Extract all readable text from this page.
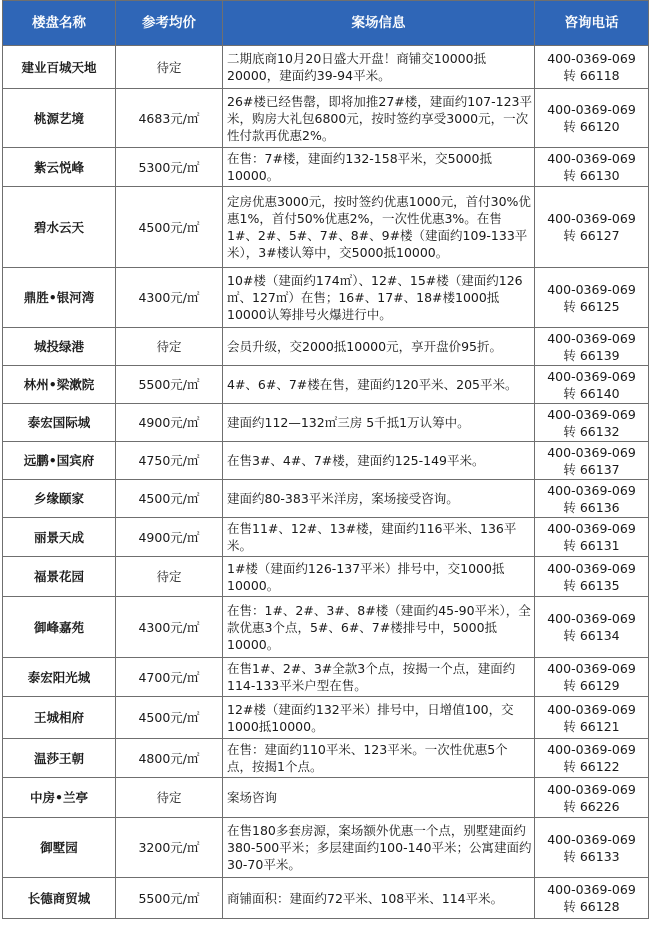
楼盘名称	参考均价	案场信息	咨询电话
建业百城天地	待定	二期底商10月20日盛大开盘！商铺交10000抵20000，建面约39-94平米。	400-0369-069
转 66118

桃源艺境	4683元/㎡	26#楼已经售罄，即将加推27#楼，建面约107-123平米，购房大礼包6800元，按时签约享受3000元，一次性付款再优惠2%。	400-0369-069
转 66120

紫云悦峰	5300元/㎡	在售：7#楼，建面约132-158平米，交5000抵10000。	400-0369-069
转 66130

碧水云天	4500元/㎡	定房优惠3000元，按时签约优惠1000元，首付30%优惠1%，首付50%优惠2%，一次性优惠3%。在售1#、2#、5#、7#、8#、9#楼（建面约109-133平米），3#楼认筹中，交5000抵10000。	400-0369-069
转 66127

鼎胜•银河湾	4300元/㎡	10#楼（建面约174㎡）、12#、15#楼（建面约126㎡、127㎡）在售；16#、17#、18#楼1000抵10000认筹排号火爆进行中。	400-0369-069
转 66125

城投绿港	待定	会员升级，交2000抵10000元，享开盘价95折。	400-0369-069
转 66139

林州•梁漱院	5500元/㎡	4#、6#、7#楼在售，建面约120平米、205平米。	400-0369-069
转 66140

泰宏国际城	4900元/㎡	建面约112—132㎡三房 5千抵1万认筹中。	400-0369-069
转 66132

远鹏•国宾府	4750元/㎡	在售3#、4#、7#楼，建面约125-149平米。	400-0369-069
转 66137

乡缘颐家	4500元/㎡	建面约80-383平米洋房，案场接受咨询。	400-0369-069
转 66136

丽景天成	4900元/㎡	在售11#、12#、13#楼，建面约116平米、136平米。	400-0369-069
转 66131

福景花园	待定	1#楼（建面约126-137平米）排号中，交1000抵10000。	400-0369-069
转 66135

御峰嘉苑	4300元/㎡	在售：1#、2#、3#、8#楼（建面约45-90平米），全款优惠3个点，5#、6#、7#楼排号中，5000抵10000。	400-0369-069
转 66134

泰宏阳光城	4700元/㎡	在售1#、2#、3#全款3个点，按揭一个点，建面约114-133平米户型在售。	400-0369-069
转 66129

王城相府	4500元/㎡	12#楼（建面约132平米）排号中，日增值100，交1000抵10000。	400-0369-069
转 66121

温莎王朝	4800元/㎡	在售：建面约110平米、123平米。一次性优惠5个点，按揭1个点。	400-0369-069
转 66122

中房•兰亭	待定	案场咨询	400-0369-069
转 66226

御墅园	3200元/㎡	在售180多套房源，案场额外优惠一个点，别墅建面约380-500平米；多层建面约100-140平米；公寓建面约30-70平米。	400-0369-069
转 66133

长德商贸城	5500元/㎡	商铺面积：建面约72平米、108平米、114平米。	400-0369-069
转 66128
